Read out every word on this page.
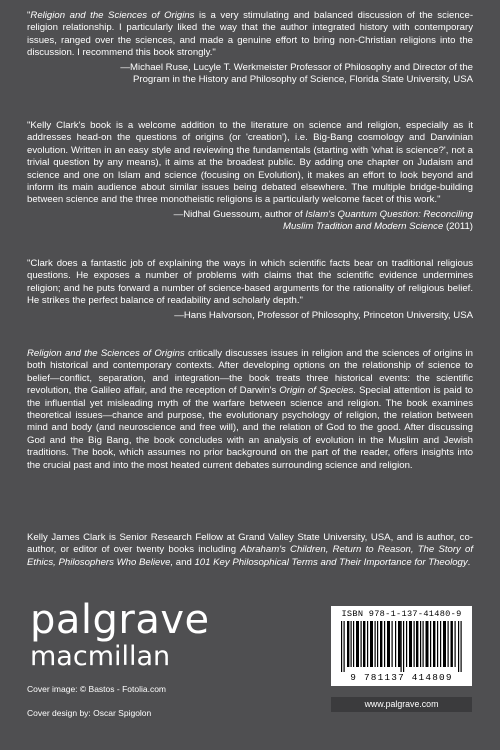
"Religion and the Sciences of Origins is a very stimulating and balanced discussion of the science-religion relationship. I particularly liked the way that the author integrated history with contemporary issues, ranged over the sciences, and made a genuine effort to bring non-Christian religions into the discussion. I recommend this book strongly."

—Michael Ruse, Lucyle T. Werkmeister Professor of Philosophy and Director of the
Program in the History and Philosophy of Science, Florida State University, USA

"Kelly Clark's book is a welcome addition to the literature on science and religion, especially as it addresses head-on the questions of origins (or 'creation'), i.e. Big-Bang cosmology and Darwinian evolution. Written in an easy style and reviewing the fundamentals (starting with 'what is science?', not a trivial question by any means), it aims at the broadest public. By adding one chapter on Judaism and science and one on Islam and science (focusing on Evolution), it makes an effort to look beyond and inform its main audience about similar issues being debated elsewhere. The multiple bridge-building between science and the three monotheistic religions is a particularly welcome facet of this work."

—Nidhal Guessoum, author of Islam's Quantum Question: Reconciling
Muslim Tradition and Modern Science (2011)

"Clark does a fantastic job of explaining the ways in which scientific facts bear on traditional religious questions. He exposes a number of problems with claims that the scientific evidence undermines religion; and he puts forward a number of science-based arguments for the rationality of religious belief. He strikes the perfect balance of readability and scholarly depth."

—Hans Halvorson, Professor of Philosophy, Princeton University, USA

Religion and the Sciences of Origins critically discusses issues in religion and the sciences of origins in both historical and contemporary contexts. After developing options on the relationship of science to belief—conflict, separation, and integration—the book treats three historical events: the scientific revolution, the Galileo affair, and the reception of Darwin's Origin of Species. Special attention is paid to the influential yet misleading myth of the warfare between science and religion. The book examines theoretical issues—chance and purpose, the evolutionary psychology of religion, the relation between mind and body (and neuroscience and free will), and the relation of God to the good. After discussing God and the Big Bang, the book concludes with an analysis of evolution in the Muslim and Jewish traditions. The book, which assumes no prior background on the part of the reader, offers insights into the crucial past and into the most heated current debates surrounding science and religion.

Kelly James Clark is Senior Research Fellow at Grand Valley State University, USA, and is author, co-author, or editor of over twenty books including Abraham's Children, Return to Reason, The Story of Ethics, Philosophers Who Believe, and 101 Key Philosophical Terms and Their Importance for Theology.

palgrave
macmillan
Cover image: © Bastos - Fotolia.com
Cover design by: Oscar Spigolon
ISBN 978-1-137-41480-9
9 781137 414809
www.palgrave.com
